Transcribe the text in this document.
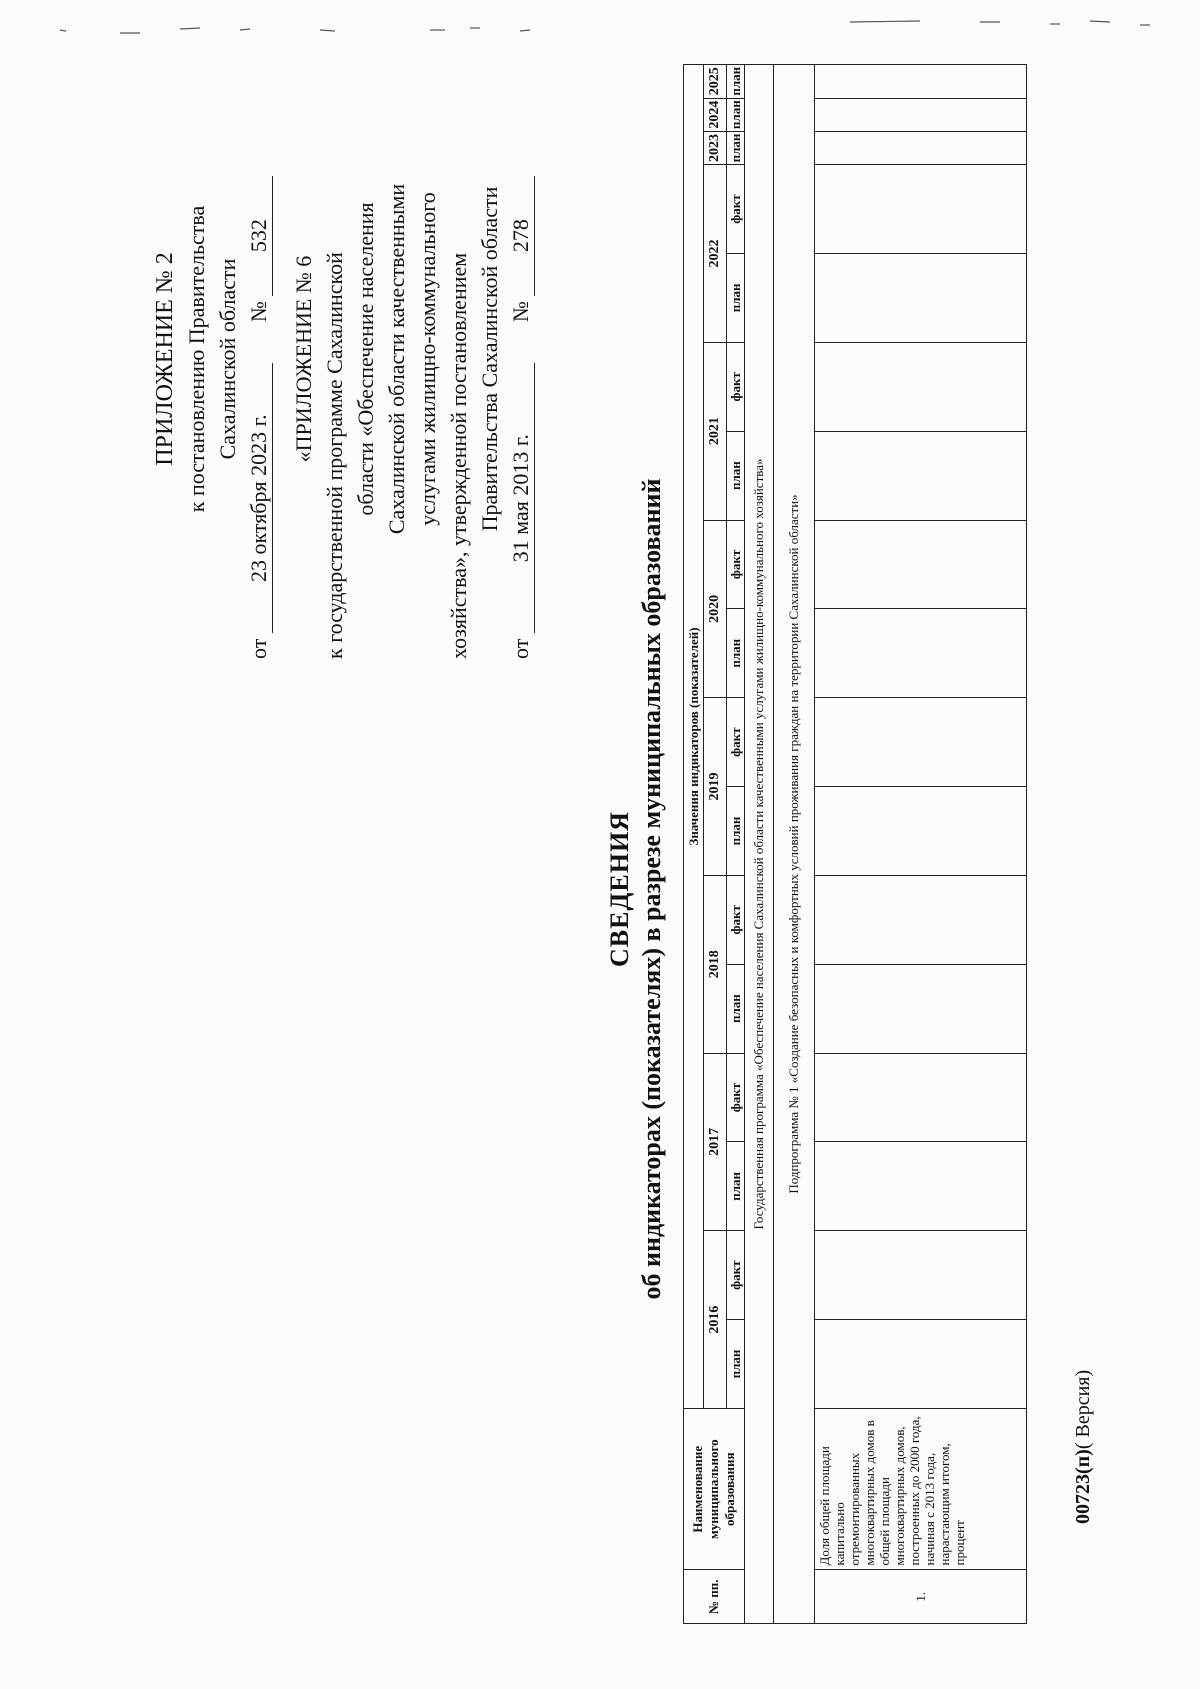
ПРИЛОЖЕНИЕ № 2 к постановлению Правительства Сахалинской области
от 23 октября 2023 г.  № 532
«ПРИЛОЖЕНИЕ № 6 к государственной программе Сахалинской области «Обеспечение населения Сахалинской области качественными услугами жилищно-коммунального хозяйства», утвержденной постановлением Правительства Сахалинской области
от 31 мая 2013 г.  № 278
СВЕДЕНИЯ об индикаторах (показателях) в разрезе муниципальных образований
№ пп.	Наименование муниципального образования	Значения индикаторов (показателей)																
		2016		2017		2018		2019		2020		2021		2022		2023	2024	2025
		план	факт	план	факт	план	факт	план	факт	план	факт	план	факт	план	факт	план	план	план
Государственная программа «Обеспечение населения Сахалинской области качественными услугами жилищно-коммунального хозяйства»																		
Подпрограмма № 1 «Создание безопасных и комфортных условий проживания граждан на территории Сахалинской области»																		
1.	Доля общей площади капитально отремонтированных многоквартирных домов в общей площади многоквартирных домов, построенных до 2000 года, начиная с 2013 года, нарастающим итогом, процент																	
00723(п)( Версия)
